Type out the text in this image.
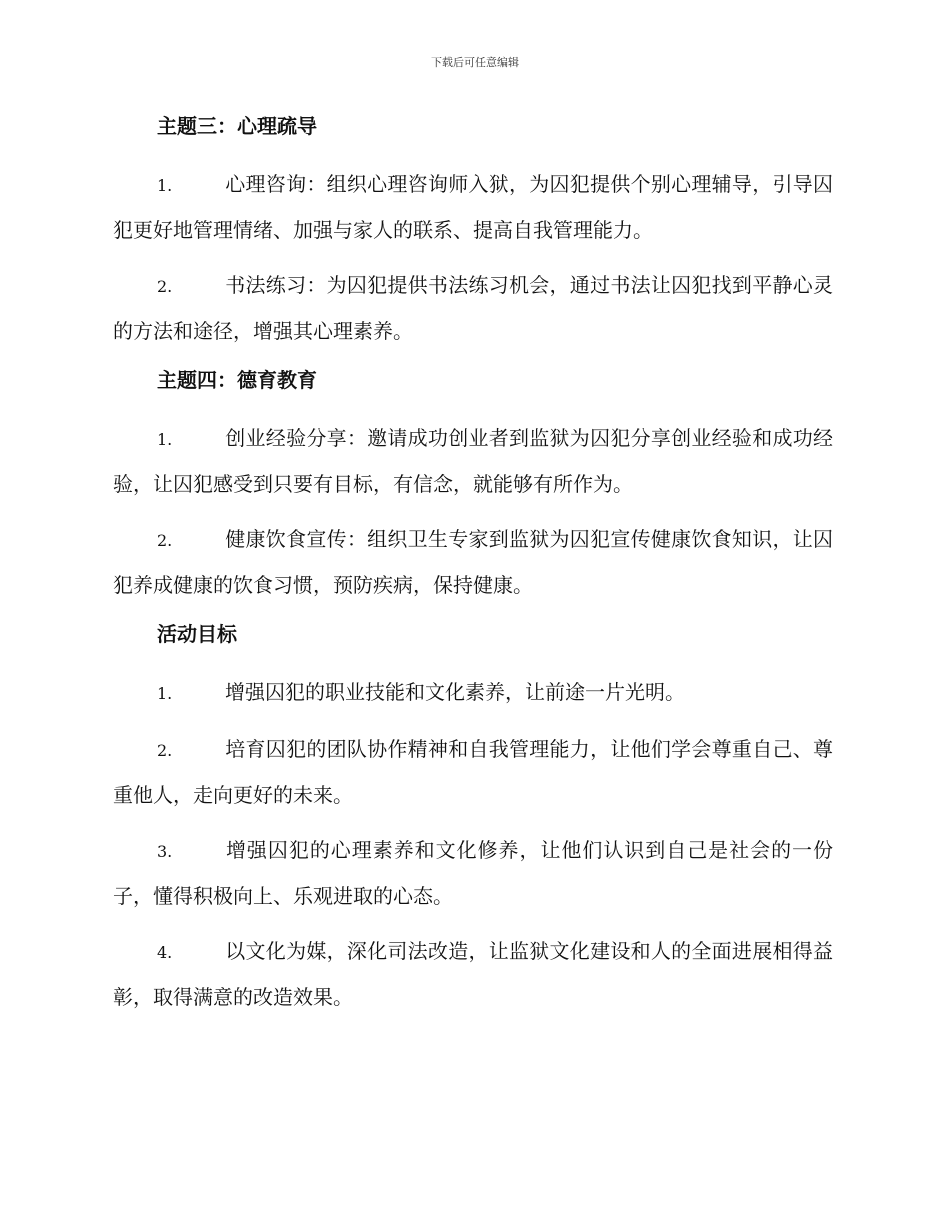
下载后可任意编辑
主题三：心理疏导

1.	心理咨询：组织心理咨询师入狱，为囚犯提供个别心理辅导，引导囚犯更好地管理情绪、加强与家人的联系、提高自我管理能力。

2.	书法练习：为囚犯提供书法练习机会，通过书法让囚犯找到平静心灵的方法和途径，增强其心理素养。

主题四：德育教育

1.	创业经验分享：邀请成功创业者到监狱为囚犯分享创业经验和成功经验，让囚犯感受到只要有目标，有信念，就能够有所作为。

2.	健康饮食宣传：组织卫生专家到监狱为囚犯宣传健康饮食知识，让囚犯养成健康的饮食习惯，预防疾病，保持健康。

活动目标

1.	增强囚犯的职业技能和文化素养，让前途一片光明。

2.	培育囚犯的团队协作精神和自我管理能力，让他们学会尊重自己、尊重他人，走向更好的未来。

3.	增强囚犯的心理素养和文化修养，让他们认识到自己是社会的一份子，懂得积极向上、乐观进取的心态。

4.	以文化为媒，深化司法改造，让监狱文化建设和人的全面进展相得益彰，取得满意的改造效果。
